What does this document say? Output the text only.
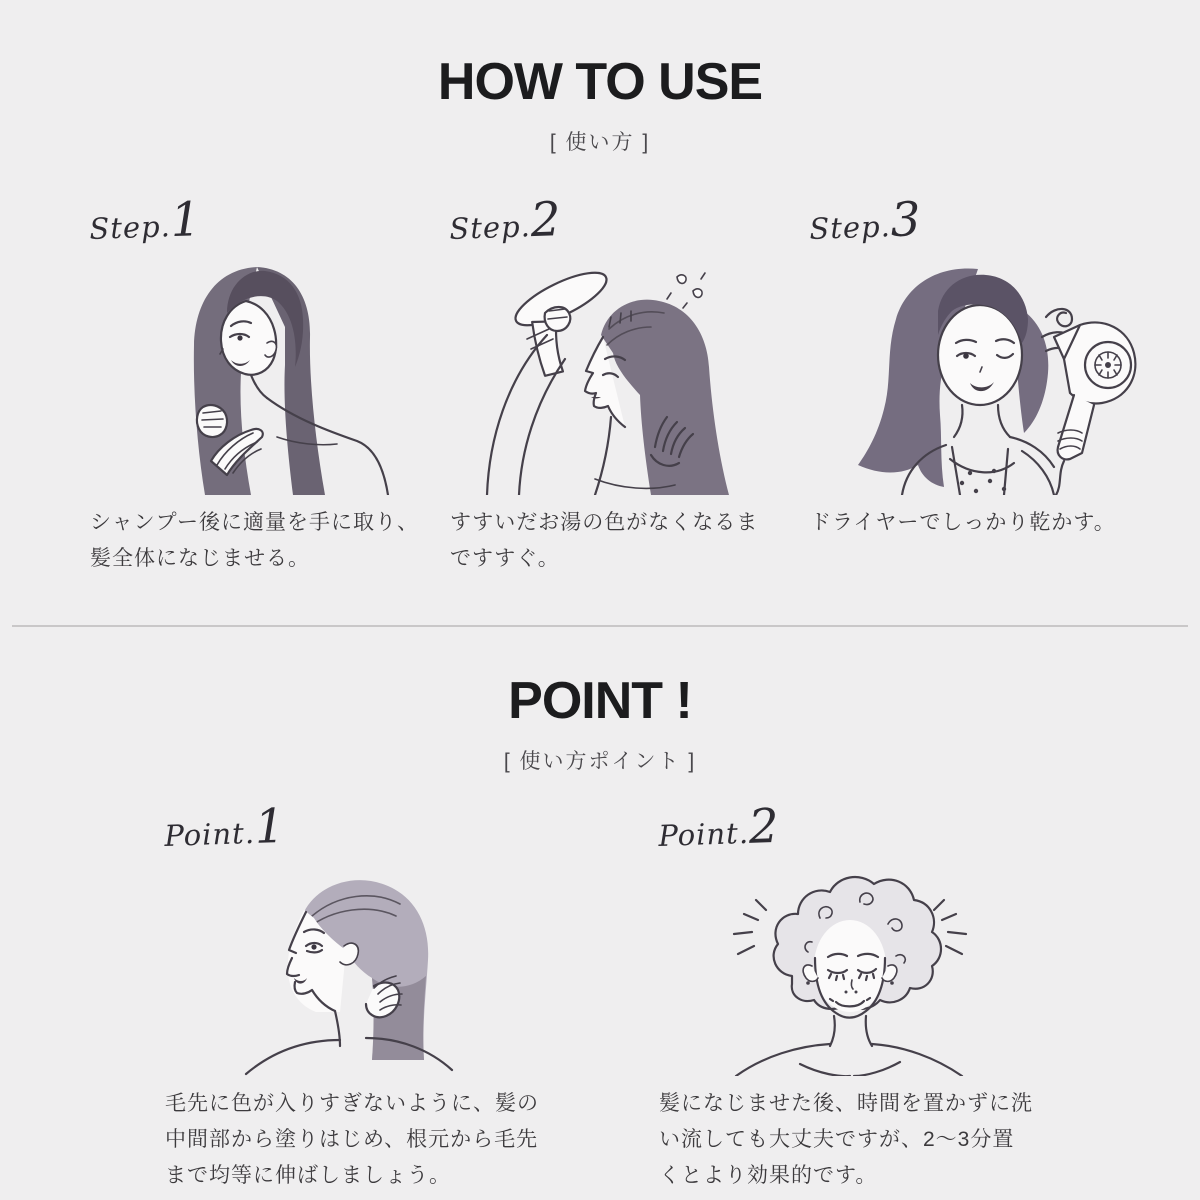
HOW TO USE
[ 使い方 ]
Step.1

シャンプー後に適量を手に取り、髪全体になじませる。

Step.2

すすいだお湯の色がなくなるまですすぐ。

Step.3

ドライヤーでしっかり乾かす。

POINT !
[ 使い方ポイント ]
Point.1

毛先に色が入りすぎないように、髪の中間部から塗りはじめ、根元から毛先まで均等に伸ばしましょう。

Point.2

髪になじませた後、時間を置かずに洗い流しても大丈夫ですが、2〜3分置くとより効果的です。
